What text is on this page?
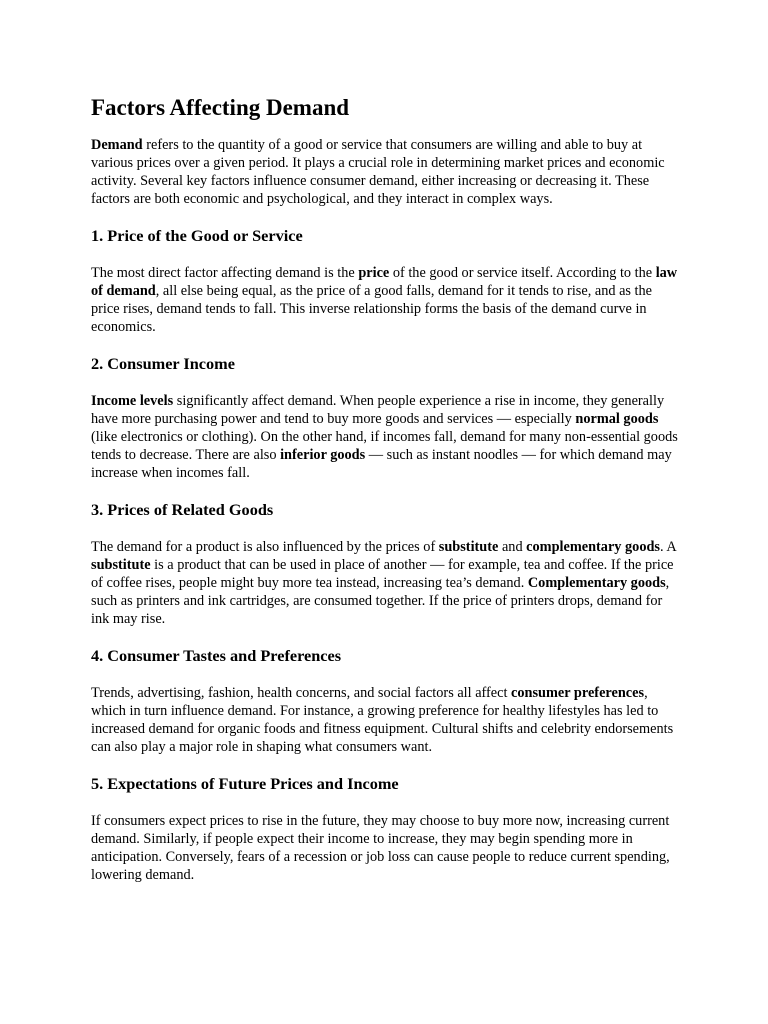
Factors Affecting Demand

Demand refers to the quantity of a good or service that consumers are willing and able to buy at various prices over a given period. It plays a crucial role in determining market prices and economic activity. Several key factors influence consumer demand, either increasing or decreasing it. These factors are both economic and psychological, and they interact in complex ways.

1. Price of the Good or Service

The most direct factor affecting demand is the price of the good or service itself. According to the law of demand, all else being equal, as the price of a good falls, demand for it tends to rise, and as the price rises, demand tends to fall. This inverse relationship forms the basis of the demand curve in economics.

2. Consumer Income

Income levels significantly affect demand. When people experience a rise in income, they generally have more purchasing power and tend to buy more goods and services — especially normal goods (like electronics or clothing). On the other hand, if incomes fall, demand for many non-essential goods tends to decrease. There are also inferior goods — such as instant noodles — for which demand may increase when incomes fall.

3. Prices of Related Goods

The demand for a product is also influenced by the prices of substitute and complementary goods. A substitute is a product that can be used in place of another — for example, tea and coffee. If the price of coffee rises, people might buy more tea instead, increasing tea’s demand. Complementary goods, such as printers and ink cartridges, are consumed together. If the price of printers drops, demand for ink may rise.

4. Consumer Tastes and Preferences

Trends, advertising, fashion, health concerns, and social factors all affect consumer preferences, which in turn influence demand. For instance, a growing preference for healthy lifestyles has led to increased demand for organic foods and fitness equipment. Cultural shifts and celebrity endorsements can also play a major role in shaping what consumers want.

5. Expectations of Future Prices and Income

If consumers expect prices to rise in the future, they may choose to buy more now, increasing current demand. Similarly, if people expect their income to increase, they may begin spending more in anticipation. Conversely, fears of a recession or job loss can cause people to reduce current spending, lowering demand.
